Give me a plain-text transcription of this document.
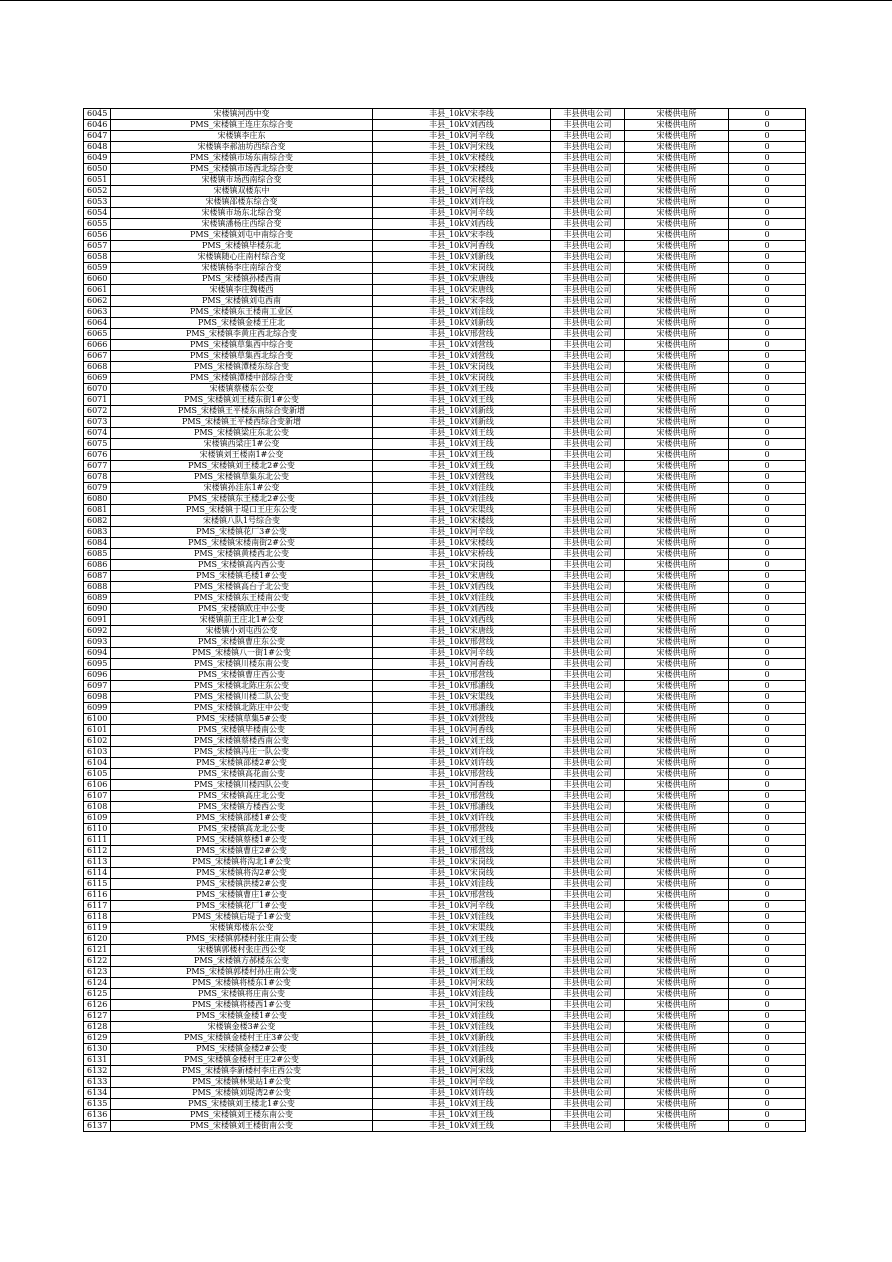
6045	宋楼镇河西中变	丰县_10kV宋李线	丰县供电公司	宋楼供电所	0
6046	PMS_宋楼镇王连庄东综合变	丰县_10kV刘西线	丰县供电公司	宋楼供电所	0
6047	宋楼镇李庄东	丰县_10kV河辛线	丰县供电公司	宋楼供电所	0
6048	宋楼镇李郝油坊西综合变	丰县_10kV河宋线	丰县供电公司	宋楼供电所	0
6049	PMS_宋楼镇市场东南综合变	丰县_10kV宋楼线	丰县供电公司	宋楼供电所	0
6050	PMS_宋楼镇市场西北综合变	丰县_10kV宋楼线	丰县供电公司	宋楼供电所	0
6051	宋楼镇市场西南综合变	丰县_10kV宋楼线	丰县供电公司	宋楼供电所	0
6052	宋楼镇双楼东中	丰县_10kV河辛线	丰县供电公司	宋楼供电所	0
6053	宋楼镇邵楼东综合变	丰县_10kV刘许线	丰县供电公司	宋楼供电所	0
6054	宋楼镇市场东北综合变	丰县_10kV河辛线	丰县供电公司	宋楼供电所	0
6055	宋楼镇潘杨庄西综合变	丰县_10kV刘西线	丰县供电公司	宋楼供电所	0
6056	PMS_宋楼镇刘屯中南综合变	丰县_10kV宋李线	丰县供电公司	宋楼供电所	0
6057	PMS_宋楼镇毕楼东北	丰县_10kV河香线	丰县供电公司	宋楼供电所	0
6058	宋楼镇随心庄南村综合变	丰县_10kV刘新线	丰县供电公司	宋楼供电所	0
6059	宋楼镇杨李庄南综合变	丰县_10kV宋岗线	丰县供电公司	宋楼供电所	0
6060	PMS_宋楼镇孙楼西南	丰县_10kV宋唐线	丰县供电公司	宋楼供电所	0
6061	宋楼镇李庄魏楼西	丰县_10kV宋唐线	丰县供电公司	宋楼供电所	0
6062	PMS_宋楼镇刘屯西南	丰县_10kV宋李线	丰县供电公司	宋楼供电所	0
6063	PMS_宋楼镇东王楼南工业区	丰县_10kV刘洼线	丰县供电公司	宋楼供电所	0
6064	PMS_宋楼镇金楼王庄北	丰县_10kV刘新线	丰县供电公司	宋楼供电所	0
6065	PMS_宋楼镇李黄庄西北综合变	丰县_10kV邢营线	丰县供电公司	宋楼供电所	0
6066	PMS_宋楼镇草集西中综合变	丰县_10kV刘营线	丰县供电公司	宋楼供电所	0
6067	PMS_宋楼镇草集西北综合变	丰县_10kV刘营线	丰县供电公司	宋楼供电所	0
6068	PMS_宋楼镇潭楼东综合变	丰县_10kV宋岗线	丰县供电公司	宋楼供电所	0
6069	PMS_宋楼镇潭楼中部综合变	丰县_10kV宋岗线	丰县供电公司	宋楼供电所	0
6070	宋楼镇蔡楼东公变	丰县_10kV刘王线	丰县供电公司	宋楼供电所	0
6071	PMS_宋楼镇刘王楼东街1#公变	丰县_10kV刘王线	丰县供电公司	宋楼供电所	0
6072	PMS_宋楼镇王平楼东南综合变新增	丰县_10kV刘新线	丰县供电公司	宋楼供电所	0
6073	PMS_宋楼镇王平楼西综合变新增	丰县_10kV刘新线	丰县供电公司	宋楼供电所	0
6074	PMS_宋楼镇梁庄东北公变	丰县_10kV刘王线	丰县供电公司	宋楼供电所	0
6075	宋楼镇西梁庄1#公变	丰县_10kV刘王线	丰县供电公司	宋楼供电所	0
6076	宋楼镇刘王楼南1#公变	丰县_10kV刘王线	丰县供电公司	宋楼供电所	0
6077	PMS_宋楼镇刘王楼北2#公变	丰县_10kV刘王线	丰县供电公司	宋楼供电所	0
6078	PMS_宋楼镇草集东北公变	丰县_10kV刘营线	丰县供电公司	宋楼供电所	0
6079	宋楼镇孙洼东1#公变	丰县_10kV刘洼线	丰县供电公司	宋楼供电所	0
6080	PMS_宋楼镇东王楼北2#公变	丰县_10kV刘洼线	丰县供电公司	宋楼供电所	0
6081	PMS_宋楼镇于堤口王庄东公变	丰县_10kV宋渠线	丰县供电公司	宋楼供电所	0
6082	宋楼镇八队1号综合变	丰县_10kV宋楼线	丰县供电公司	宋楼供电所	0
6083	PMS_宋楼镇花厂3#公变	丰县_10kV河辛线	丰县供电公司	宋楼供电所	0
6084	PMS_宋楼镇宋楼南街2#公变	丰县_10kV宋楼线	丰县供电公司	宋楼供电所	0
6085	PMS_宋楼镇黄楼西北公变	丰县_10kV宋桥线	丰县供电公司	宋楼供电所	0
6086	PMS_宋楼镇高内西公变	丰县_10kV宋岗线	丰县供电公司	宋楼供电所	0
6087	PMS_宋楼镇毛楼1#公变	丰县_10kV宋唐线	丰县供电公司	宋楼供电所	0
6088	PMS_宋楼镇高台子北公变	丰县_10kV刘西线	丰县供电公司	宋楼供电所	0
6089	PMS_宋楼镇东王楼南公变	丰县_10kV刘洼线	丰县供电公司	宋楼供电所	0
6090	PMS_宋楼镇欧庄中公变	丰县_10kV刘西线	丰县供电公司	宋楼供电所	0
6091	宋楼镇前王庄北1#公变	丰县_10kV刘西线	丰县供电公司	宋楼供电所	0
6092	宋楼镇小刘屯西公变	丰县_10kV宋唐线	丰县供电公司	宋楼供电所	0
6093	PMS_宋楼镇曹庄东公变	丰县_10kV邢营线	丰县供电公司	宋楼供电所	0
6094	PMS_宋楼镇八一街1#公变	丰县_10kV河辛线	丰县供电公司	宋楼供电所	0
6095	PMS_宋楼镇川楼东南公变	丰县_10kV河香线	丰县供电公司	宋楼供电所	0
6096	PMS_宋楼镇曹庄西公变	丰县_10kV邢营线	丰县供电公司	宋楼供电所	0
6097	PMS_宋楼镇北陈庄东公变	丰县_10kV邢潘线	丰县供电公司	宋楼供电所	0
6098	PMS_宋楼镇川楼二队公变	丰县_10kV宋渠线	丰县供电公司	宋楼供电所	0
6099	PMS_宋楼镇北陈庄中公变	丰县_10kV邢潘线	丰县供电公司	宋楼供电所	0
6100	PMS_宋楼镇草集5#公变	丰县_10kV刘营线	丰县供电公司	宋楼供电所	0
6101	PMS_宋楼镇毕楼南公变	丰县_10kV河香线	丰县供电公司	宋楼供电所	0
6102	PMS_宋楼镇蔡楼西南公变	丰县_10kV刘王线	丰县供电公司	宋楼供电所	0
6103	PMS_宋楼镇冯庄一队公变	丰县_10kV刘许线	丰县供电公司	宋楼供电所	0
6104	PMS_宋楼镇邵楼2#公变	丰县_10kV刘许线	丰县供电公司	宋楼供电所	0
6105	PMS_宋楼镇高花面公变	丰县_10kV邢营线	丰县供电公司	宋楼供电所	0
6106	PMS_宋楼镇川楼四队公变	丰县_10kV河香线	丰县供电公司	宋楼供电所	0
6107	PMS_宋楼镇高庄北公变	丰县_10kV邢营线	丰县供电公司	宋楼供电所	0
6108	PMS_宋楼镇方楼西公变	丰县_10kV邢潘线	丰县供电公司	宋楼供电所	0
6109	PMS_宋楼镇邵楼1#公变	丰县_10kV刘许线	丰县供电公司	宋楼供电所	0
6110	PMS_宋楼镇高龙北公变	丰县_10kV邢营线	丰县供电公司	宋楼供电所	0
6111	PMS_宋楼镇蔡楼1#公变	丰县_10kV刘王线	丰县供电公司	宋楼供电所	0
6112	PMS_宋楼镇曹庄2#公变	丰县_10kV邢营线	丰县供电公司	宋楼供电所	0
6113	PMS_宋楼镇将沟北1#公变	丰县_10kV宋岗线	丰县供电公司	宋楼供电所	0
6114	PMS_宋楼镇将沟2#公变	丰县_10kV宋岗线	丰县供电公司	宋楼供电所	0
6115	PMS_宋楼镇洪楼2#公变	丰县_10kV刘洼线	丰县供电公司	宋楼供电所	0
6116	PMS_宋楼镇曹庄1#公变	丰县_10kV邢营线	丰县供电公司	宋楼供电所	0
6117	PMS_宋楼镇花厂1#公变	丰县_10kV河辛线	丰县供电公司	宋楼供电所	0
6118	PMS_宋楼镇后堤子1#公变	丰县_10kV刘洼线	丰县供电公司	宋楼供电所	0
6119	宋楼镇郑楼东公变	丰县_10kV宋渠线	丰县供电公司	宋楼供电所	0
6120	PMS_宋楼镇郭楼村张庄南公变	丰县_10kV刘王线	丰县供电公司	宋楼供电所	0
6121	宋楼镇郭楼村张庄西公变	丰县_10kV刘王线	丰县供电公司	宋楼供电所	0
6122	PMS_宋楼镇方郝楼东公变	丰县_10kV邢潘线	丰县供电公司	宋楼供电所	0
6123	PMS_宋楼镇郭楼村孙庄南公变	丰县_10kV刘王线	丰县供电公司	宋楼供电所	0
6124	PMS_宋楼镇将楼东1#公变	丰县_10kV河宋线	丰县供电公司	宋楼供电所	0
6125	PMS_宋楼镇将庄南公变	丰县_10kV刘洼线	丰县供电公司	宋楼供电所	0
6126	PMS_宋楼镇将楼西1#公变	丰县_10kV河宋线	丰县供电公司	宋楼供电所	0
6127	PMS_宋楼镇金楼1#公变	丰县_10kV刘洼线	丰县供电公司	宋楼供电所	0
6128	宋楼镇金楼3#公变	丰县_10kV刘洼线	丰县供电公司	宋楼供电所	0
6129	PMS_宋楼镇金楼村王庄3#公变	丰县_10kV刘新线	丰县供电公司	宋楼供电所	0
6130	PMS_宋楼镇金楼2#公变	丰县_10kV刘洼线	丰县供电公司	宋楼供电所	0
6131	PMS_宋楼镇金楼村王庄2#公变	丰县_10kV刘新线	丰县供电公司	宋楼供电所	0
6132	PMS_宋楼镇李新楼村李庄西公变	丰县_10kV河宋线	丰县供电公司	宋楼供电所	0
6133	PMS_宋楼镇林果站1#公变	丰县_10kV河辛线	丰县供电公司	宋楼供电所	0
6134	PMS_宋楼镇刘堤湾2#公变	丰县_10kV刘许线	丰县供电公司	宋楼供电所	0
6135	PMS_宋楼镇刘王楼北1#公变	丰县_10kV刘王线	丰县供电公司	宋楼供电所	0
6136	PMS_宋楼镇刘王楼东南公变	丰县_10kV刘王线	丰县供电公司	宋楼供电所	0
6137	PMS_宋楼镇刘王楼街南公变	丰县_10kV刘王线	丰县供电公司	宋楼供电所	0
